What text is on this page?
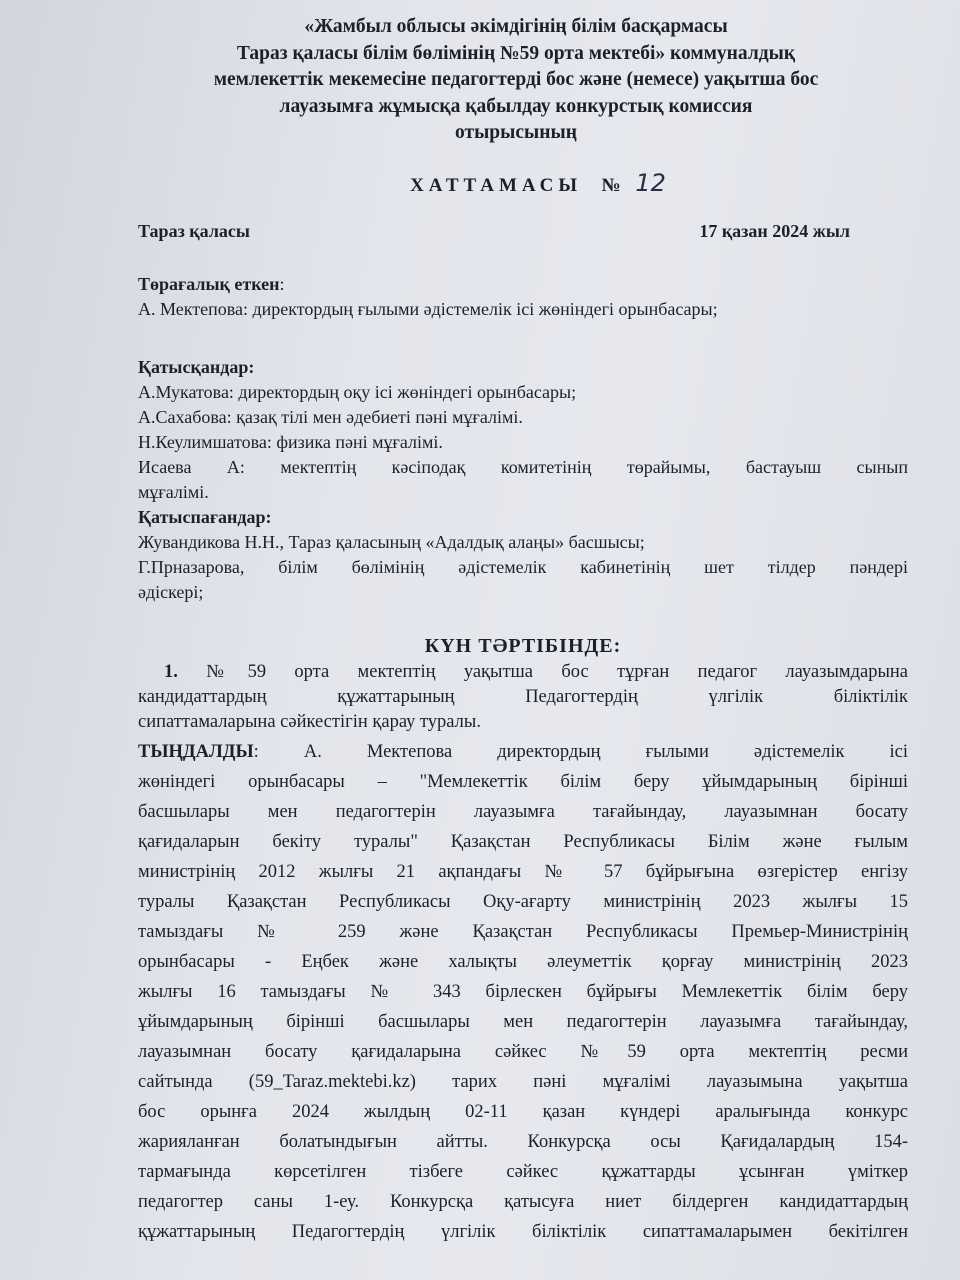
«Жамбыл облысы әкімдігінің білім басқармасы
Тараз қаласы білім бөлімінің №59 орта мектебі» коммуналдық
мемлекеттік мекемесіне педагогтерді бос және (немесе) уақытша бос
лауазымға жұмысқа қабылдау конкурстық комиссия
отырысының
ХАТТАМАСЫ № 12
Тараз қаласы	17 қазан 2024 жыл
Төрағалық еткен:
А. Мектепова: директордың ғылыми әдістемелік ісі жөніндегі орынбасары;
Қатысқандар:
А.Мукатова: директордың оқу ісі жөніндегі орынбасары;
А.Сахабова: қазақ тілі мен әдебиеті пәні мұғалімі.
Н.Кеулимшатова: физика пәні мұғалімі.
Исаева А: мектептің кәсіподақ комитетінің төрайымы, бастауыш сынып
мұғалімі.
Қатыспағандар:
Жувандикова Н.Н., Тараз қаласының «Адалдық алаңы» басшысы;
Г.Прназарова, білім бөлімінің әдістемелік кабинетінің шет тілдер пәндері
әдіскері;
КҮН ТӘРТІБІНДЕ:
1. №59 орта мектептің уақытша бос тұрған педагог лауазымдарына
кандидаттардың құжаттарының Педагогтердің үлгілік біліктілік
сипаттамаларына сәйкестігін қарау туралы.
ТЫҢДАЛДЫ: А. Мектепова директордың ғылыми әдістемелік ісі
жөніндегі орынбасары – "Мемлекеттік білім беру ұйымдарының бірінші
басшылары мен педагогтерін лауазымға тағайындау, лауазымнан босату
қағидаларын бекіту туралы" Қазақстан Республикасы Білім және ғылым
министрінің 2012 жылғы 21 ақпандағы № 57 бұйрығына өзгерістер енгізу
туралы Қазақстан Республикасы Оқу-ағарту министрінің 2023 жылғы 15
тамыздағы № 259 және Қазақстан Республикасы Премьер-Министрінің
орынбасары - Еңбек және халықты әлеуметтік қорғау министрінің 2023
жылғы 16 тамыздағы № 343 бірлескен бұйрығы Мемлекеттік білім беру
ұйымдарының бірінші басшылары мен педагогтерін лауазымға тағайындау,
лауазымнан босату қағидаларына сәйкес №59 орта мектептің ресми
сайтында (59_Taraz.mektebi.kz) тарих пәні мұғалімі лауазымына уақытша
бос орынға 2024 жылдың 02-11 қазан күндері аралығында конкурс
жарияланған болатындығын айтты. Конкурсқа осы Қағидалардың 154-
тармағында көрсетілген тізбеге сәйкес құжаттарды ұсынған үміткер
педагогтер саны 1-еу. Конкурсқа қатысуға ниет білдерген кандидаттардың
құжаттарының Педагогтердің үлгілік біліктілік сипаттамаларымен бекітілген
